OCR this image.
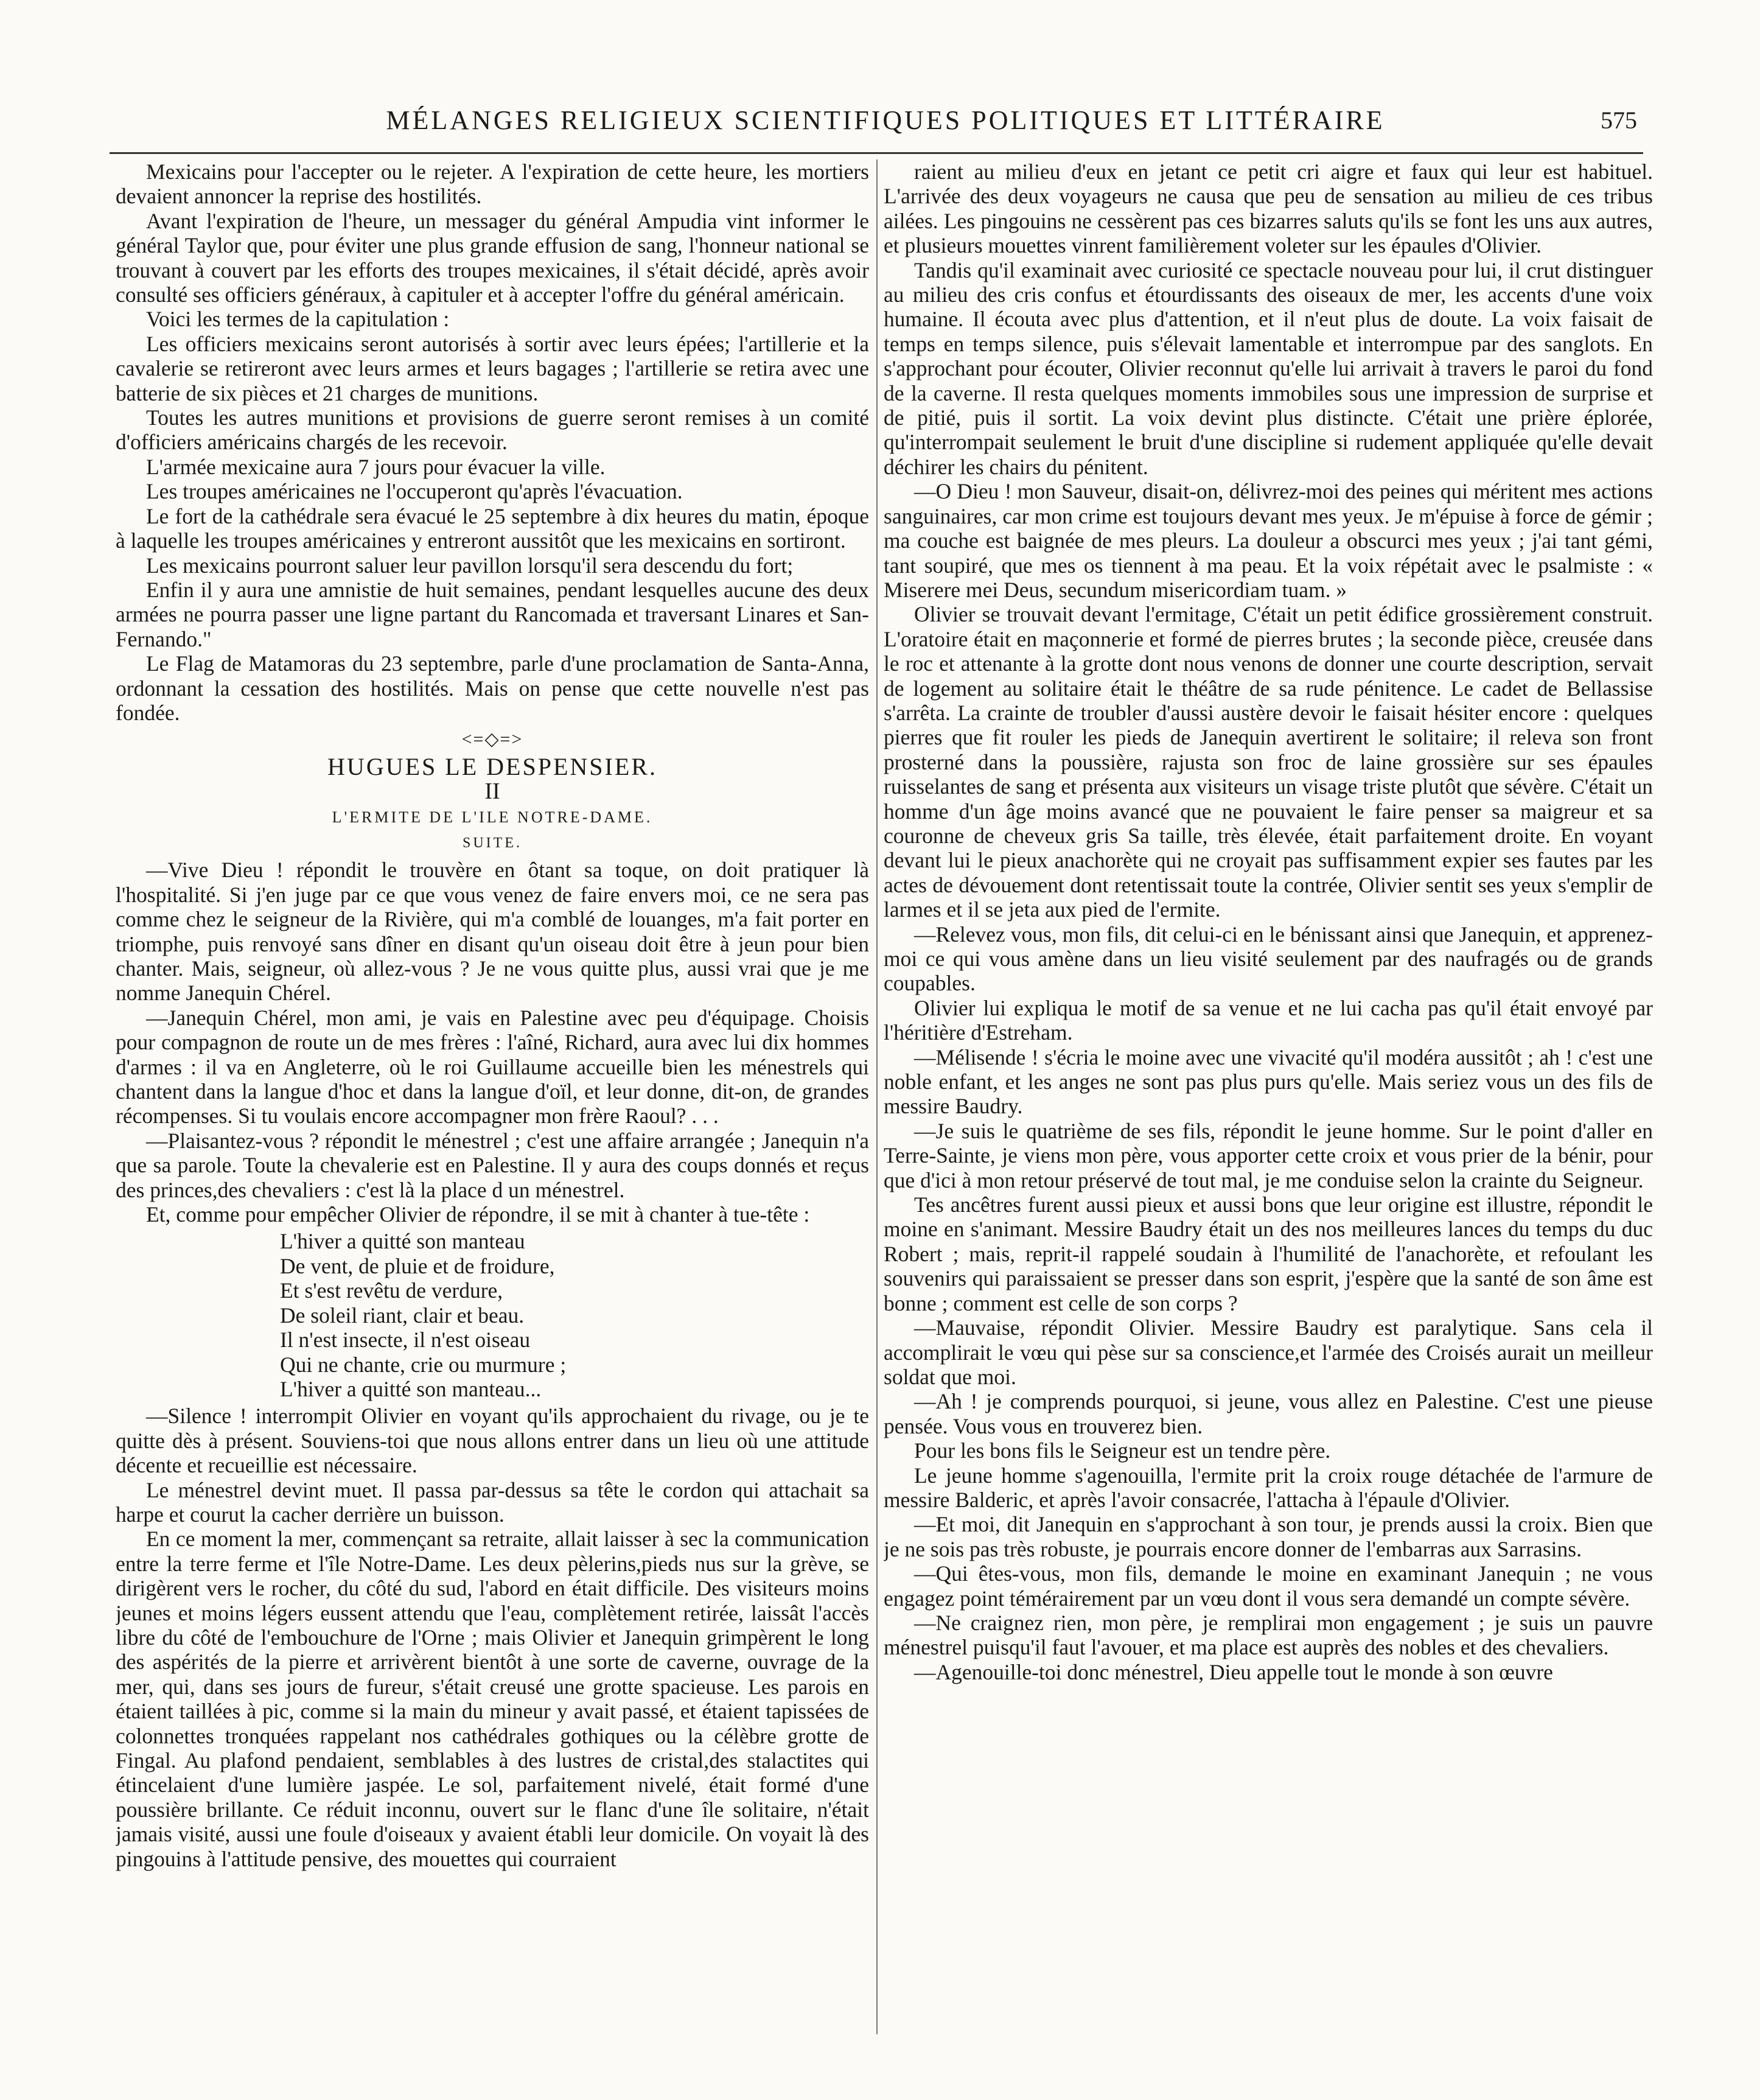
MÉLANGES RELIGIEUX SCIENTIFIQUES POLITIQUES ET LITTÉRAIRE	575

Mexicains pour l'accepter ou le rejeter. A l'expiration de cette heure, les mortiers devaient annoncer la reprise des hostilités.

Avant l'expiration de l'heure, un messager du général Ampudia vint informer le général Taylor que, pour éviter une plus grande effusion de sang, l'honneur national se trouvant à couvert par les efforts des troupes mexicaines, il s'était décidé, après avoir consulté ses officiers généraux, à capituler et à accepter l'offre du général américain.

Voici les termes de la capitulation :

Les officiers mexicains seront autorisés à sortir avec leurs épées; l'artillerie et la cavalerie se retireront avec leurs armes et leurs bagages ; l'artillerie se retira avec une batterie de six pièces et 21 charges de munitions.

Toutes les autres munitions et provisions de guerre seront remises à un comité d'officiers américains chargés de les recevoir.

L'armée mexicaine aura 7 jours pour évacuer la ville.

Les troupes américaines ne l'occuperont qu'après l'évacuation.

Le fort de la cathédrale sera évacué le 25 septembre à dix heures du matin, époque à laquelle les troupes américaines y entreront aussitôt que les mexicains en sortiront.

Les mexicains pourront saluer leur pavillon lorsqu'il sera descendu du fort;

Enfin il y aura une amnistie de huit semaines, pendant lesquelles aucune des deux armées ne pourra passer une ligne partant du Rancomada et traversant Linares et San-Fernando."

Le Flag de Matamoras du 23 septembre, parle d'une proclamation de Santa-Anna, ordonnant la cessation des hostilités. Mais on pense que cette nouvelle n'est pas fondée.

<=◇=>
HUGUES LE DESPENSIER.
II
L'ERMITE DE L'ILE NOTRE-DAME.
SUITE.

—Vive Dieu ! répondit le trouvère en ôtant sa toque, on doit pratiquer là l'hospitalité. Si j'en juge par ce que vous venez de faire envers moi, ce ne sera pas comme chez le seigneur de la Rivière, qui m'a comblé de louanges, m'a fait porter en triomphe, puis renvoyé sans dîner en disant qu'un oiseau doit être à jeun pour bien chanter. Mais, seigneur, où allez-vous ? Je ne vous quitte plus, aussi vrai que je me nomme Janequin Chérel.

—Janequin Chérel, mon ami, je vais en Palestine avec peu d'équipage. Choisis pour compagnon de route un de mes frères : l'aîné, Richard, aura avec lui dix hommes d'armes : il va en Angleterre, où le roi Guillaume accueille bien les ménestrels qui chantent dans la langue d'hoc et dans la langue d'oïl, et leur donne, dit-on, de grandes récompenses. Si tu voulais encore accompagner mon frère Raoul? . . .

—Plaisantez-vous ? répondit le ménestrel ; c'est une affaire arrangée ; Janequin n'a que sa parole. Toute la chevalerie est en Palestine. Il y aura des coups donnés et reçus des princes,des chevaliers : c'est là la place d un ménestrel.

Et, comme pour empêcher Olivier de répondre, il se mit à chanter à tue-tête :

L'hiver a quitté son manteau
De vent, de pluie et de froidure,
Et s'est revêtu de verdure,
De soleil riant, clair et beau.
Il n'est insecte, il n'est oiseau
Qui ne chante, crie ou murmure ;
L'hiver a quitté son manteau...

—Silence ! interrompit Olivier en voyant qu'ils approchaient du rivage, ou je te quitte dès à présent. Souviens-toi que nous allons entrer dans un lieu où une attitude décente et recueillie est nécessaire.

Le ménestrel devint muet. Il passa par-dessus sa tête le cordon qui attachait sa harpe et courut la cacher derrière un buisson.

En ce moment la mer, commençant sa retraite, allait laisser à sec la communication entre la terre ferme et l'île Notre-Dame. Les deux pèlerins,pieds nus sur la grève, se dirigèrent vers le rocher, du côté du sud, l'abord en était difficile. Des visiteurs moins jeunes et moins légers eussent attendu que l'eau, complètement retirée, laissât l'accès libre du côté de l'embouchure de l'Orne ; mais Olivier et Janequin grimpèrent le long des aspérités de la pierre et arrivèrent bientôt à une sorte de caverne, ouvrage de la mer, qui, dans ses jours de fureur, s'était creusé une grotte spacieuse. Les parois en étaient taillées à pic, comme si la main du mineur y avait passé, et étaient tapissées de colonnettes tronquées rappelant nos cathédrales gothiques ou la célèbre grotte de Fingal. Au plafond pendaient, semblables à des lustres de cristal,des stalactites qui étincelaient d'une lumière jaspée. Le sol, parfaitement nivelé, était formé d'une poussière brillante. Ce réduit inconnu, ouvert sur le flanc d'une île solitaire, n'était jamais visité, aussi une foule d'oiseaux y avaient établi leur domicile. On voyait là des pingouins à l'attitude pensive, des mouettes qui courraient

raient au milieu d'eux en jetant ce petit cri aigre et faux qui leur est habituel. L'arrivée des deux voyageurs ne causa que peu de sensation au milieu de ces tribus ailées. Les pingouins ne cessèrent pas ces bizarres saluts qu'ils se font les uns aux autres, et plusieurs mouettes vinrent familièrement voleter sur les épaules d'Olivier.

Tandis qu'il examinait avec curiosité ce spectacle nouveau pour lui, il crut distinguer au milieu des cris confus et étourdissants des oiseaux de mer, les accents d'une voix humaine. Il écouta avec plus d'attention, et il n'eut plus de doute. La voix faisait de temps en temps silence, puis s'élevait lamentable et interrompue par des sanglots. En s'approchant pour écouter, Olivier reconnut qu'elle lui arrivait à travers le paroi du fond de la caverne. Il resta quelques moments immobiles sous une impression de surprise et de pitié, puis il sortit. La voix devint plus distincte. C'était une prière éplorée, qu'interrompait seulement le bruit d'une discipline si rudement appliquée qu'elle devait déchirer les chairs du pénitent.

—O Dieu ! mon Sauveur, disait-on, délivrez-moi des peines qui méritent mes actions sanguinaires, car mon crime est toujours devant mes yeux. Je m'épuise à force de gémir ; ma couche est baignée de mes pleurs. La douleur a obscurci mes yeux ; j'ai tant gémi, tant soupiré, que mes os tiennent à ma peau. Et la voix répétait avec le psalmiste : « Miserere mei Deus, secundum misericordiam tuam. »

Olivier se trouvait devant l'ermitage, C'était un petit édifice grossièrement construit. L'oratoire était en maçonnerie et formé de pierres brutes ; la seconde pièce, creusée dans le roc et attenante à la grotte dont nous venons de donner une courte description, servait de logement au solitaire était le théâtre de sa rude pénitence. Le cadet de Bellassise s'arrêta. La crainte de troubler d'aussi austère devoir le faisait hésiter encore : quelques pierres que fit rouler les pieds de Janequin avertirent le solitaire; il releva son front prosterné dans la poussière, rajusta son froc de laine grossière sur ses épaules ruisselantes de sang et présenta aux visiteurs un visage triste plutôt que sévère. C'était un homme d'un âge moins avancé que ne pouvaient le faire penser sa maigreur et sa couronne de cheveux gris Sa taille, très élevée, était parfaitement droite. En voyant devant lui le pieux anachorète qui ne croyait pas suffisamment expier ses fautes par les actes de dévouement dont retentissait toute la contrée, Olivier sentit ses yeux s'emplir de larmes et il se jeta aux pied de l'ermite.

—Relevez vous, mon fils, dit celui-ci en le bénissant ainsi que Janequin, et apprenez-moi ce qui vous amène dans un lieu visité seulement par des naufragés ou de grands coupables.

Olivier lui expliqua le motif de sa venue et ne lui cacha pas qu'il était envoyé par l'héritière d'Estreham.

—Mélisende ! s'écria le moine avec une vivacité qu'il modéra aussitôt ; ah ! c'est une noble enfant, et les anges ne sont pas plus purs qu'elle. Mais seriez vous un des fils de messire Baudry.

—Je suis le quatrième de ses fils, répondit le jeune homme. Sur le point d'aller en Terre-Sainte, je viens mon père, vous apporter cette croix et vous prier de la bénir, pour que d'ici à mon retour préservé de tout mal, je me conduise selon la crainte du Seigneur.

Tes ancêtres furent aussi pieux et aussi bons que leur origine est illustre, répondit le moine en s'animant. Messire Baudry était un des nos meilleures lances du temps du duc Robert ; mais, reprit-il rappelé soudain à l'humilité de l'anachorète, et refoulant les souvenirs qui paraissaient se presser dans son esprit, j'espère que la santé de son âme est bonne ; comment est celle de son corps ?

—Mauvaise, répondit Olivier. Messire Baudry est paralytique. Sans cela il accomplirait le vœu qui pèse sur sa conscience,et l'armée des Croisés aurait un meilleur soldat que moi.

—Ah ! je comprends pourquoi, si jeune, vous allez en Palestine. C'est une pieuse pensée. Vous vous en trouverez bien.

Pour les bons fils le Seigneur est un tendre père.

Le jeune homme s'agenouilla, l'ermite prit la croix rouge détachée de l'armure de messire Balderic, et après l'avoir consacrée, l'attacha à l'épaule d'Olivier.

—Et moi, dit Janequin en s'approchant à son tour, je prends aussi la croix. Bien que je ne sois pas très robuste, je pourrais encore donner de l'embarras aux Sarrasins.

—Qui êtes-vous, mon fils, demande le moine en examinant Janequin ; ne vous engagez point témérairement par un vœu dont il vous sera demandé un compte sévère.

—Ne craignez rien, mon père, je remplirai mon engagement ; je suis un pauvre ménestrel puisqu'il faut l'avouer, et ma place est auprès des nobles et des chevaliers.

—Agenouille-toi donc ménestrel, Dieu appelle tout le monde à son œuvre
